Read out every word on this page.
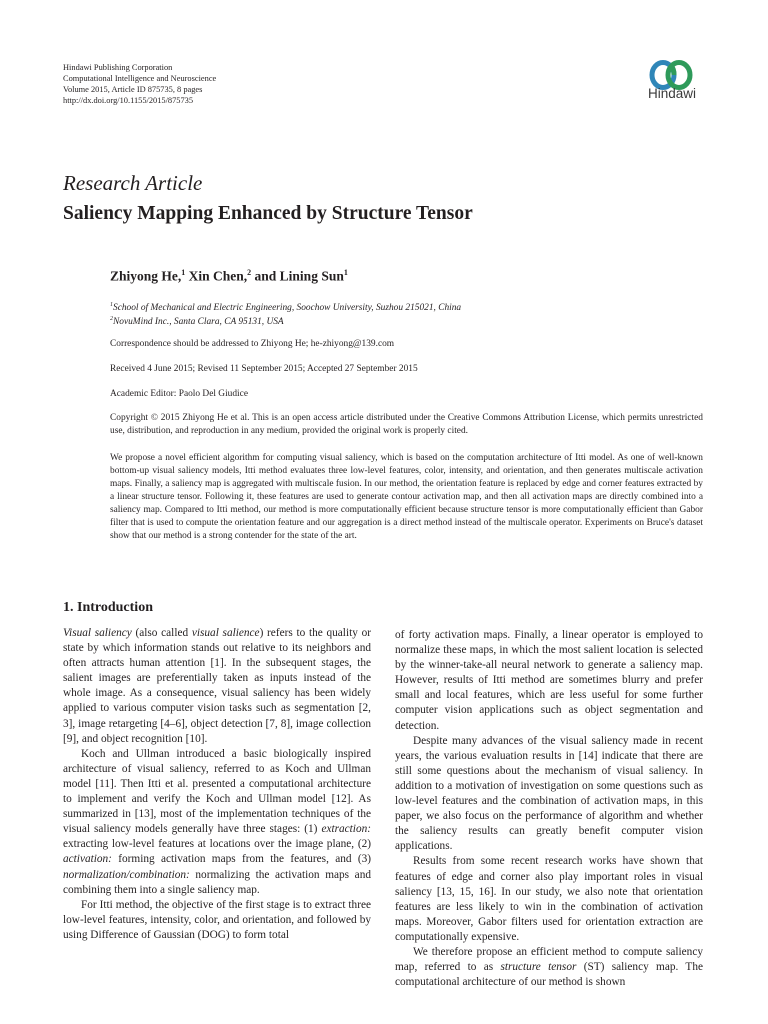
Hindawi Publishing Corporation
Computational Intelligence and Neuroscience
Volume 2015, Article ID 875735, 8 pages
http://dx.doi.org/10.1155/2015/875735	Hindawi
Research Article
Saliency Mapping Enhanced by Structure Tensor
Zhiyong He,$^1$ Xin Chen,$^2$ and Lining Sun$^1$
$^1$School of Mechanical and Electric Engineering, Soochow University, Suzhou 215021, China
$^2$NovuMind Inc., Santa Clara, CA 95131, USA
Correspondence should be addressed to Zhiyong He; he-zhiyong@139.com
Received 4 June 2015; Revised 11 September 2015; Accepted 27 September 2015
Academic Editor: Paolo Del Giudice
Copyright © 2015 Zhiyong He et al. This is an open access article distributed under the Creative Commons Attribution License, which permits unrestricted use, distribution, and reproduction in any medium, provided the original work is properly cited.
We propose a novel efficient algorithm for computing visual saliency, which is based on the computation architecture of Itti model. As one of well-known bottom-up visual saliency models, Itti method evaluates three low-level features, color, intensity, and orientation, and then generates multiscale activation maps. Finally, a saliency map is aggregated with multiscale fusion. In our method, the orientation feature is replaced by edge and corner features extracted by a linear structure tensor. Following it, these features are used to generate contour activation map, and then all activation maps are directly combined into a saliency map. Compared to Itti method, our method is more computationally efficient because structure tensor is more computationally efficient than Gabor filter that is used to compute the orientation feature and our aggregation is a direct method instead of the multiscale operator. Experiments on Bruce's dataset show that our method is a strong contender for the state of the art.
1. Introduction

Visual saliency (also called visual salience) refers to the quality or state by which information stands out relative to its neighbors and often attracts human attention [1]. In the subsequent stages, the salient images are preferentially taken as inputs instead of the whole image. As a consequence, visual saliency has been widely applied to various computer vision tasks such as segmentation [2, 3], image retargeting [4–6], object detection [7, 8], image collection [9], and object recognition [10].

Koch and Ullman introduced a basic biologically inspired architecture of visual saliency, referred to as Koch and Ullman model [11]. Then Itti et al. presented a computational architecture to implement and verify the Koch and Ullman model [12]. As summarized in [13], most of the implementation techniques of the visual saliency models generally have three stages: (1) extraction: extracting low-level features at locations over the image plane, (2) activation: forming activation maps from the features, and (3) normalization/combination: normalizing the activation maps and combining them into a single saliency map.

For Itti method, the objective of the first stage is to extract three low-level features, intensity, color, and orientation, and followed by using Difference of Gaussian (DOG) to form total

of forty activation maps. Finally, a linear operator is employed to normalize these maps, in which the most salient location is selected by the winner-take-all neural network to generate a saliency map. However, results of Itti method are sometimes blurry and prefer small and local features, which are less useful for some further computer vision applications such as object segmentation and detection.

Despite many advances of the visual saliency made in recent years, the various evaluation results in [14] indicate that there are still some questions about the mechanism of visual saliency. In addition to a motivation of investigation on some questions such as low-level features and the combination of activation maps, in this paper, we also focus on the performance of algorithm and whether the saliency results can greatly benefit computer vision applications.

Results from some recent research works have shown that features of edge and corner also play important roles in visual saliency [13, 15, 16]. In our study, we also note that orientation features are less likely to win in the combination of activation maps. Moreover, Gabor filters used for orientation extraction are computationally expensive.

We therefore propose an efficient method to compute saliency map, referred to as structure tensor (ST) saliency map. The computational architecture of our method is shown
